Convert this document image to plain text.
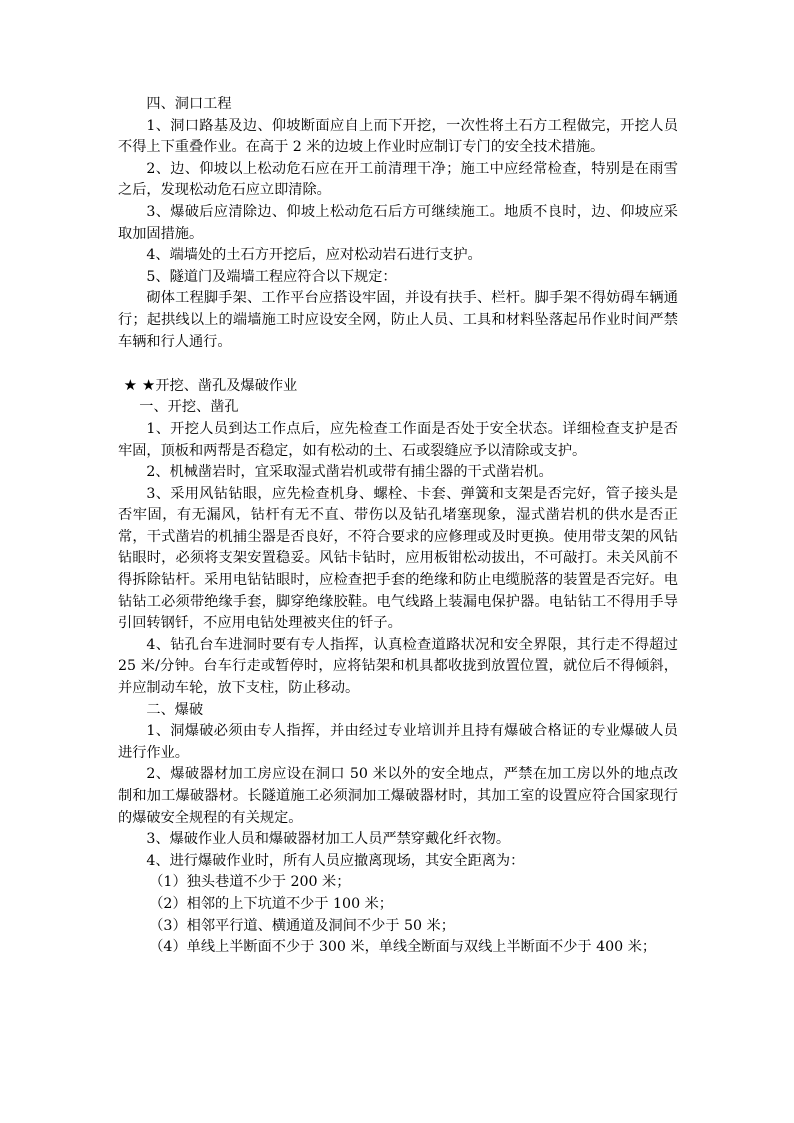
四、洞口工程

1、洞口路基及边、仰坡断面应自上而下开挖，一次性将土石方工程做完，开挖人员不得上下重叠作业。在高于 2 米的边坡上作业时应制订专门的安全技术措施。

2、边、仰坡以上松动危石应在开工前清理干净；施工中应经常检查，特别是在雨雪之后，发现松动危石应立即清除。

3、爆破后应清除边、仰坡上松动危石后方可继续施工。地质不良时，边、仰坡应采取加固措施。

4、端墙处的土石方开挖后，应对松动岩石进行支护。

5、隧道门及端墙工程应符合以下规定：

砌体工程脚手架、工作平台应搭设牢固，并设有扶手、栏杆。脚手架不得妨碍车辆通行；起拱线以上的端墙施工时应设安全网，防止人员、工具和材料坠落起吊作业时间严禁车辆和行人通行。

★ ★开挖、凿孔及爆破作业

一、开挖、凿孔

1、开挖人员到达工作点后，应先检查工作面是否处于安全状态。详细检查支护是否牢固，顶板和两帮是否稳定，如有松动的土、石或裂缝应予以清除或支护。

2、机械凿岩时，宜采取湿式凿岩机或带有捕尘器的干式凿岩机。

3、采用风钻钻眼，应先检查机身、螺栓、卡套、弹簧和支架是否完好，管子接头是否牢固，有无漏风，钻杆有无不直、带伤以及钻孔堵塞现象，湿式凿岩机的供水是否正常，干式凿岩的机捕尘器是否良好，不符合要求的应修理或及时更换。使用带支架的风钻钻眼时，必须将支架安置稳妥。风钻卡钻时，应用板钳松动拔出，不可敲打。未关风前不得拆除钻杆。采用电钻钻眼时，应检查把手套的绝缘和防止电缆脱落的装置是否完好。电钻钻工必须带绝缘手套，脚穿绝缘胶鞋。电气线路上装漏电保护器。电钻钻工不得用手导引回转钢钎，不应用电钻处理被夹住的钎子。

4、钻孔台车进洞时要有专人指挥，认真检查道路状况和安全界限，其行走不得超过 25 米/分钟。台车行走或暂停时，应将钻架和机具都收拢到放置位置，就位后不得倾斜，并应制动车轮，放下支柱，防止移动。

二、爆破

1、洞爆破必须由专人指挥，并由经过专业培训并且持有爆破合格证的专业爆破人员进行作业。

2、爆破器材加工房应设在洞口 50 米以外的安全地点，严禁在加工房以外的地点改制和加工爆破器材。长隧道施工必须洞加工爆破器材时，其加工室的设置应符合国家现行的爆破安全规程的有关规定。

3、爆破作业人员和爆破器材加工人员严禁穿戴化纤衣物。

4、进行爆破作业时，所有人员应撤离现场，其安全距离为：

（1）独头巷道不少于 200 米；

（2）相邻的上下坑道不少于 100 米；

（3）相邻平行道、横通道及洞间不少于 50 米；

（4）单线上半断面不少于 300 米，单线全断面与双线上半断面不少于 400 米；
